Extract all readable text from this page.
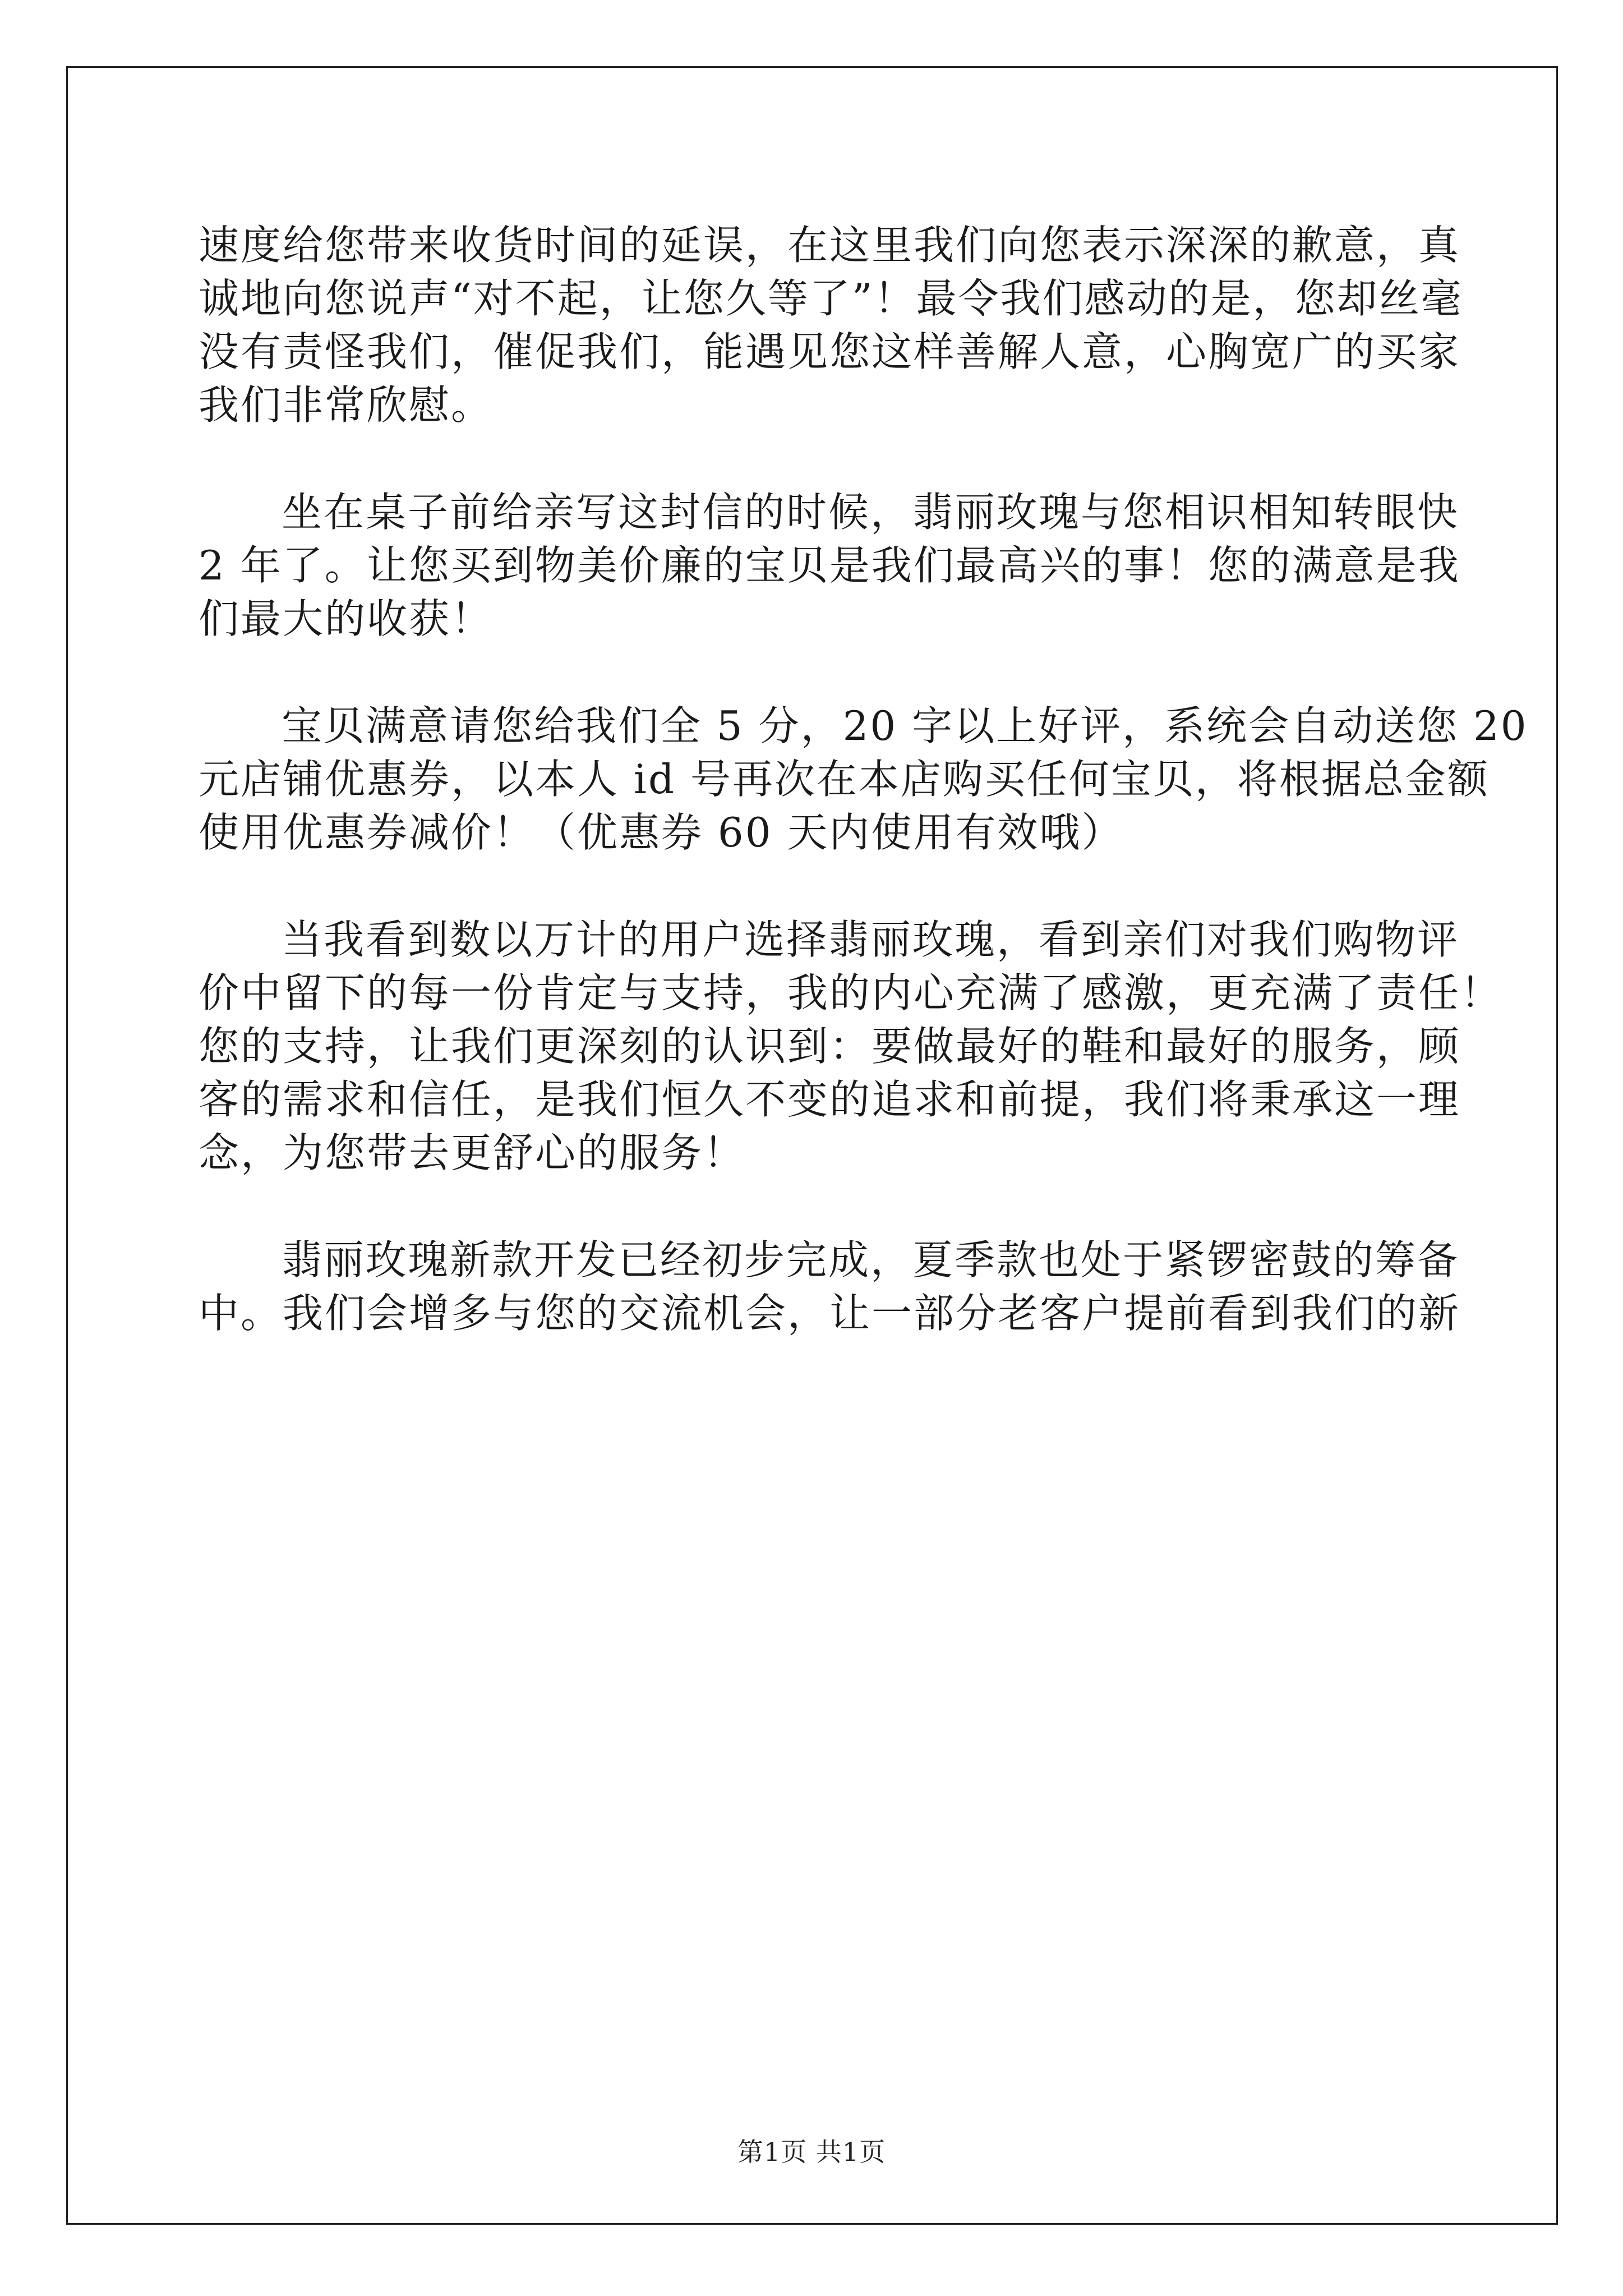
速度给您带来收货时间的延误，在这里我们向您表示深深的歉意，真
诚地向您说声“对不起，让您久等了”！最令我们感动的是，您却丝毫
没有责怪我们，催促我们，能遇见您这样善解人意，心胸宽广的买家
我们非常欣慰。
坐在桌子前给亲写这封信的时候，翡丽玫瑰与您相识相知转眼快
2 年了。让您买到物美价廉的宝贝是我们最高兴的事！您的满意是我
们最大的收获！
宝贝满意请您给我们全 5 分，20 字以上好评，系统会自动送您 20
元店铺优惠券，以本人 id 号再次在本店购买任何宝贝，将根据总金额
使用优惠券减价！（优惠券 60 天内使用有效哦）
当我看到数以万计的用户选择翡丽玫瑰，看到亲们对我们购物评
价中留下的每一份肯定与支持，我的内心充满了感激，更充满了责任！
您的支持，让我们更深刻的认识到：要做最好的鞋和最好的服务，顾
客的需求和信任，是我们恒久不变的追求和前提，我们将秉承这一理
念，为您带去更舒心的服务！
翡丽玫瑰新款开发已经初步完成，夏季款也处于紧锣密鼓的筹备
中。我们会增多与您的交流机会，让一部分老客户提前看到我们的新
第1页 共1页
